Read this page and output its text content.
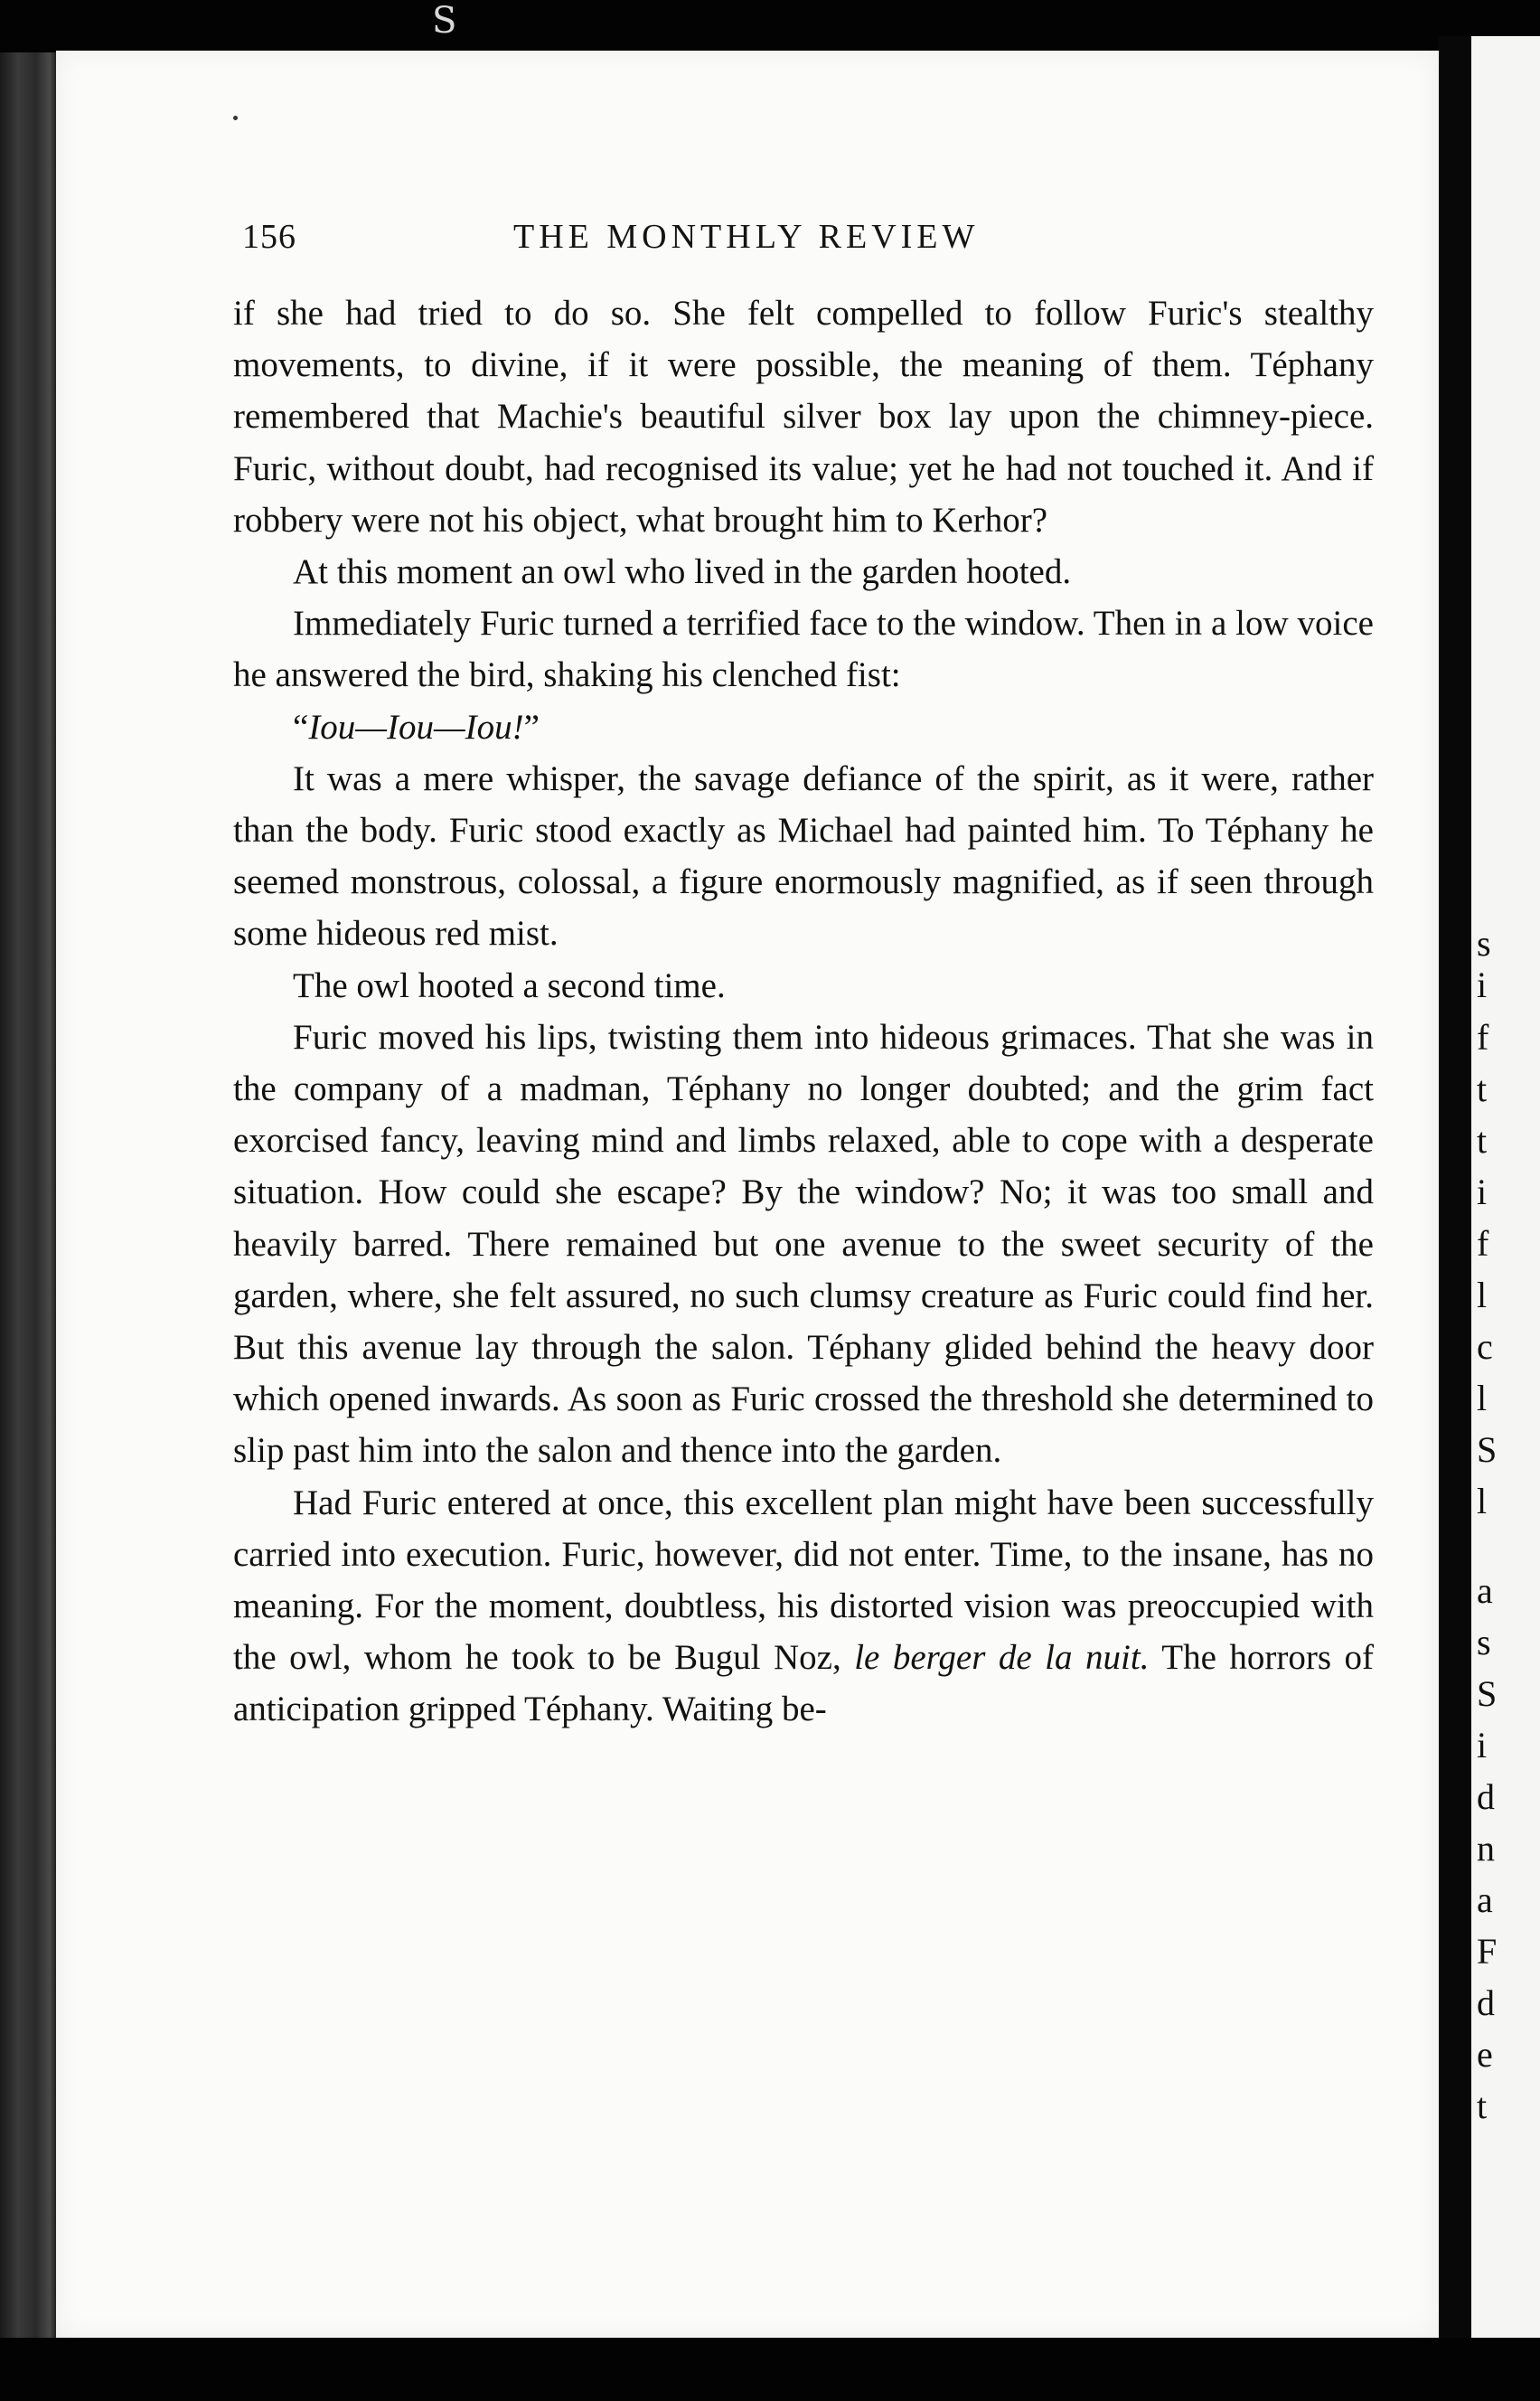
S
156	THE MONTHLY REVIEW

if she had tried to do so. She felt compelled to follow Furic's stealthy movements, to divine, if it were possible, the meaning of them. Téphany remembered that Machie's beautiful silver box lay upon the chimney-piece. Furic, without doubt, had recognised its value; yet he had not touched it. And if robbery were not his object, what brought him to Kerhor?

At this moment an owl who lived in the garden hooted.

Immediately Furic turned a terrified face to the window. Then in a low voice he answered the bird, shaking his clenched fist:

“Iou—Iou—Iou!”

It was a mere whisper, the savage defiance of the spirit, as it were, rather than the body. Furic stood exactly as Michael had painted him. To Téphany he seemed monstrous, colossal, a figure enormously magnified, as if seen through some hideous red mist.

The owl hooted a second time.

Furic moved his lips, twisting them into hideous grimaces. That she was in the company of a madman, Téphany no longer doubted; and the grim fact exorcised fancy, leaving mind and limbs relaxed, able to cope with a desperate situation. How could she escape? By the window? No; it was too small and heavily barred. There remained but one avenue to the sweet security of the garden, where, she felt assured, no such clumsy creature as Furic could find her. But this avenue lay through the salon. Téphany glided behind the heavy door which opened inwards. As soon as Furic crossed the threshold she determined to slip past him into the salon and thence into the garden.

Had Furic entered at once, this excellent plan might have been successfully carried into execution. Furic, however, did not enter. Time, to the insane, has no meaning. For the moment, doubtless, his distorted vision was preoccupied with the owl, whom he took to be Bugul Noz, le berger de la nuit. The horrors of anticipation gripped Téphany. Waiting be-

s
i
f
t
t
i
f
l
c
l
S
l
a
s
S
i
d
n
a
F
d
e
t
